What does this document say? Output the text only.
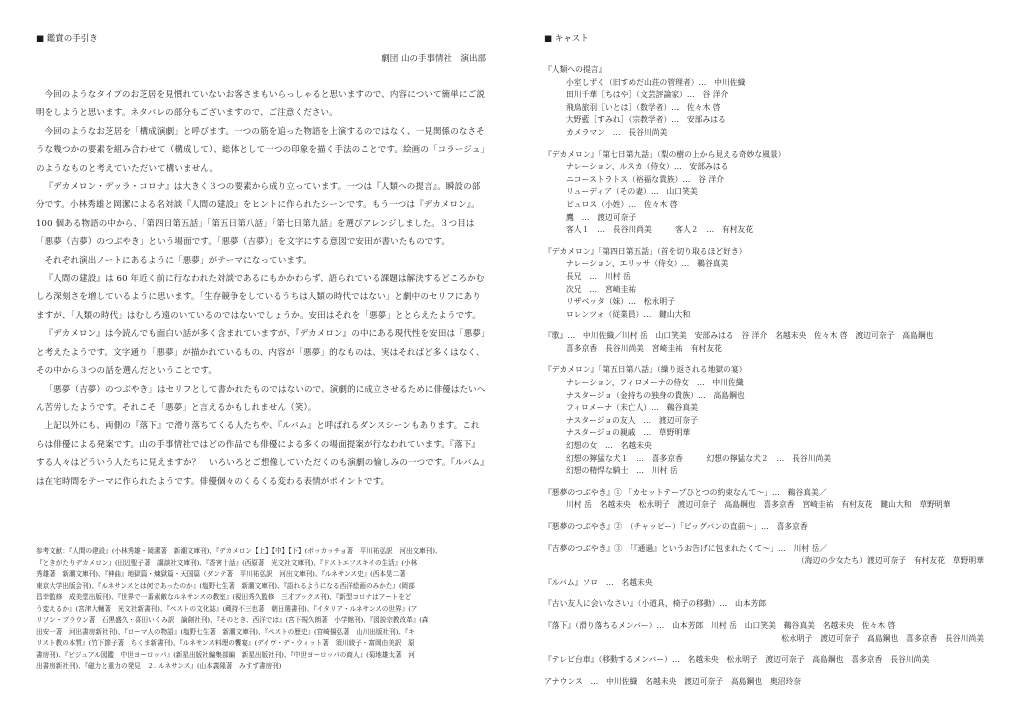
■ 鑑賞の手引き
劇団 山の手事情社　演出部

今回のようなタイプのお芝居を見慣れていないお客さまもいらっしゃると思いますので、内容について簡単にご説明をしようと思います。ネタバレの部分もございますので、ご注意ください。

今回のようなお芝居を「構成演劇」と呼びます。一つの筋を追った物語を上演するのではなく、一見関係のなさそうな幾つかの要素を組み合わせて（構成して）、総体として一つの印象を描く手法のことです。絵画の「コラージュ」のようなものと考えていただいて構いません。

『デカメロン・デッラ・コロナ』は大きく３つの要素から成り立っています。一つは『人類への提言』。瞬設の部分です。小林秀雄と岡潔による名対談『人間の建設』をヒントに作られたシーンです。もう一つは『デカメロン』。100 個ある物語の中から、「第四日第五話」「第五日第八話」「第七日第九話」を選びアレンジしました。３つ目は「悪夢（吉夢）のつぶやき」という場面です。「悪夢（吉夢）」を文字にする意図で安田が書いたものです。

それぞれ演出ノートにあるように「悪夢」がテーマになっています。

『人間の建設』は 60 年近く前に行なわれた対談であるにもかかわらず、語られている課題は解決するどころかむしろ深刻さを増しているように思います。「生存競争をしているうちは人類の時代ではない」と劇中のセリフにありますが、「人類の時代」はむしろ遠のいているのではないでしょうか。安田はそれを「悪夢」ととらえたようです。

『デカメロン』は今読んでも面白い話が多く含まれていますが、『デカメロン』の中にある現代性を安田は「悪夢」と考えたようです。文字通り「悪夢」が描かれているもの、内容が「悪夢」的なものは、実はそればど多くはなく、その中から３つの話を選んだということです。

「悪夢（吉夢）のつぶやき」はセリフとして書かれたものではないので、演劇的に成立させるために俳優はたいへん苦労したようです。それこそ「悪夢」と言えるかもしれません（笑）。

上記以外にも、両側の『落下』で滑り落ちてくる人たちや、『ルバム』と呼ばれるダンスシーンもあります。これらは俳優による発案です。山の手事情社ではどの作品でも俳優による多くの場面提案が行なわれています。『落下』する人々はどういう人たちに見えますか？　いろいろとご想像していただくのも演劇の愉しみの一つです。『ルバム』は在宅時間をテーマに作られたようです。俳優個々のくるくる変わる表情がポイントです。

参考文献：『人間の建設』(小林秀雄・岡潔著　新潮文庫刊)、『デカメロン【上】【中】【下】(ボッカッチョ著　平川祐弘訳　河出文庫刊)、
『ときがたりデカメロン』(田辺聖子著　講談社文庫刊)、『香害十話』(西原著　光文社文庫刊)、『ドストエフスキイの生活』(小林
秀雄著　新潮文庫刊)、『神曲』地獄篇・煉獄篇・天国篇（ダンテ著　平川祐弘訳　河出文庫刊)、『ルネサンス史』(西本晃二著
東京大学出版会刊)、『ルネサンスとは何であったのか』(塩野七生著　新潮文庫刊)、『語れるようになる西洋絵画のみかた』(岡部
昌幸監修　成美堂出版刊)、『世界で一番素敵なルネサンスの教室』(視田秀久監修　三才ブックス刊)、『新型コロナはアートをど
う変えるか』(宮津大輔著　光文社新書刊)、『ペストの文化誌』(蔵持不三也著　朝日選書刊)、『イタリア・ルネサンスの世界』(ア
リソン・ブラウン著　石黒盛久・喜田いくみ訳　論創社刊)、『そのとき、西洋では』(宮下規久朗著　小学館刊)、『図説宗教改革』(森
田安一著　河出書房新社刊)、『ローマ人の物語』(塩野七生著　新潮文庫刊)、『ペストの歴史』(宮崎揚弘著　山川出版社刊)、『キ
リスト教の本質』(竹下節子著　ちくま新書刊)、『ルネサンス料理の饗宴』(デイヴ・デ・ウィット著　須川綾子・富岡由美訳　原
書房刊)、『ビジュアル図鑑　中世ヨーロッパ』(新星出版社編集部編　新星出版社刊)、『中世ヨーロッパの商人』(菊地雄太著　河
出書房新社刊)、『磁力と重力の発見　２. ルネサンス』(山本義隆著　みすず書房刊)
■ キャスト
『人類への提言』
小室しずく（旧すめだ山荘の管理者）…　中川佐織
田川千華［ちはや］（文芸評論家）…　谷 洋介
飛鳥旅羽［いとは］（数学者）…　佐々木 啓
大野藍［すみれ］（宗教学者）…　安部みはる
カメラマン　…　長谷川尚美
『デカメロン』「第七日第九話」（梨の樹の上から見える奇妙な風景）
ナレーション、ルスカ（侍女）…　安部みはる
ニコーストラトス（裕福な貴族）…　谷 洋介
リューディア（その妻）…　山口笑美
ピュロス（小姓）…　佐々木 啓
鷹　…　渡辺可奈子
客人１　…　長谷川尚美　　　客人２　…　有村友花
『デカメロン』「第四日第五話」（首を切り取るほど好き）
ナレーション、エリッサ（侍女）…　鵜谷真美
長兄　…　川村 岳
次兄　…　宮崎圭祐
リザベッタ（妹）…　松永明子
ロレンツォ（従業員）…　鍵山大和
『歌』…　中川佐織／川村 岳　山口笑美　安部みはる　谷 洋介　名越未央　佐々木 啓　渡辺可奈子　高島鋼也
喜多京香　長谷川尚美　宮崎圭祐　有村友花
『デカメロン』「第五日第八話」（繰り返される地獄の宴）
ナレーション、フィロメーナの侍女　…　中川佐織
ナスタージョ（金持ちの独身の貴族）…　高島鋼也
フィロメーナ（未亡人）…　鵜谷真美
ナスタージョの友人　…　渡辺可奈子
ナスタージョの親戚　…　草野明華
幻想の女　…　名越未央
幻想の獰猛な犬１　…　喜多京香　　　幻想の獰猛な犬２　…　長谷川尚美
幻想の精悍な騎士　…　川村 岳
『悪夢のつぶやき』① 「カセットテープひとつの約束なんて～」…　鵜谷真美／
川村 岳　名越未央　松永明子　渡辺可奈子　高島鋼也　喜多京香　宮崎圭祐　有村友花　鍵山大和　草野明華
『悪夢のつぶやき』②　（チャッピー）「ビッグバンの直前～」…　喜多京香
『吉夢のつぶやき』③　「『通過』というお告げに包まれたくて～」…　川村 岳／
（海辺の少女たち）渡辺可奈子　有村友花　草野明華
『ルバム』ソロ　…　名越未央
『古い友人に会いなさい』（小道具、椅子の移動）…　山本芳郎
『落下』（滑り落ちるメンバー）…　山本芳郎　川村 岳　山口笑美　鵜谷真美　名越未央　佐々木 啓
松永明子　渡辺可奈子　高島鋼也　喜多京香　長谷川尚美
『テレビ台車』（移動するメンバー）…　名越未央　松永明子　渡辺可奈子　高島鋼也　喜多京香　長谷川尚美
アナウンス　…　中川佐織　名越未央　渡辺可奈子　高島鋼也　奥沼玲奈
